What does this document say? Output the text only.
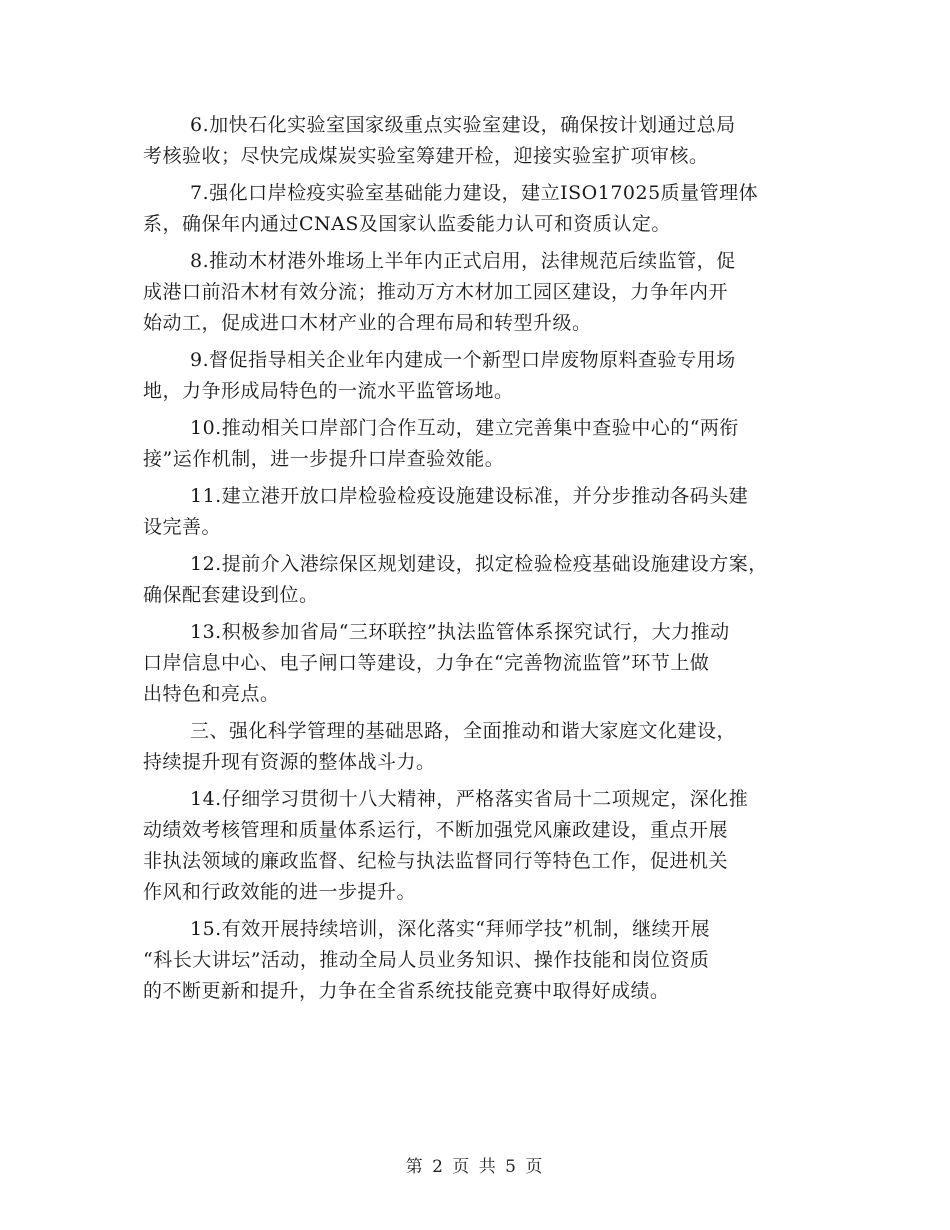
6.加快石化实验室国家级重点实验室建设，确保按计划通过总局
考核验收；尽快完成煤炭实验室筹建开检，迎接实验室扩项审核。
7.强化口岸检疫实验室基础能力建设，建立ISO17025质量管理体
系，确保年内通过CNAS及国家认监委能力认可和资质认定。
8.推动木材港外堆场上半年内正式启用，法律规范后续监管，促
成港口前沿木材有效分流；推动万方木材加工园区建设，力争年内开
始动工，促成进口木材产业的合理布局和转型升级。
9.督促指导相关企业年内建成一个新型口岸废物原料查验专用场
地，力争形成局特色的一流水平监管场地。
10.推动相关口岸部门合作互动，建立完善集中查验中心的“两衔
接”运作机制，进一步提升口岸查验效能。
11.建立港开放口岸检验检疫设施建设标准，并分步推动各码头建
设完善。
12.提前介入港综保区规划建设，拟定检验检疫基础设施建设方案，
确保配套建设到位。
13.积极参加省局“三环联控”执法监管体系探究试行，大力推动
口岸信息中心、电子闸口等建设，力争在“完善物流监管”环节上做
出特色和亮点。
三、强化科学管理的基础思路，全面推动和谐大家庭文化建设，
持续提升现有资源的整体战斗力。
14.仔细学习贯彻十八大精神，严格落实省局十二项规定，深化推
动绩效考核管理和质量体系运行，不断加强党风廉政建设，重点开展
非执法领域的廉政监督、纪检与执法监督同行等特色工作，促进机关
作风和行政效能的进一步提升。
15.有效开展持续培训，深化落实“拜师学技”机制，继续开展
“科长大讲坛”活动，推动全局人员业务知识、操作技能和岗位资质
的不断更新和提升，力争在全省系统技能竞赛中取得好成绩。
第 2 页 共 5 页
